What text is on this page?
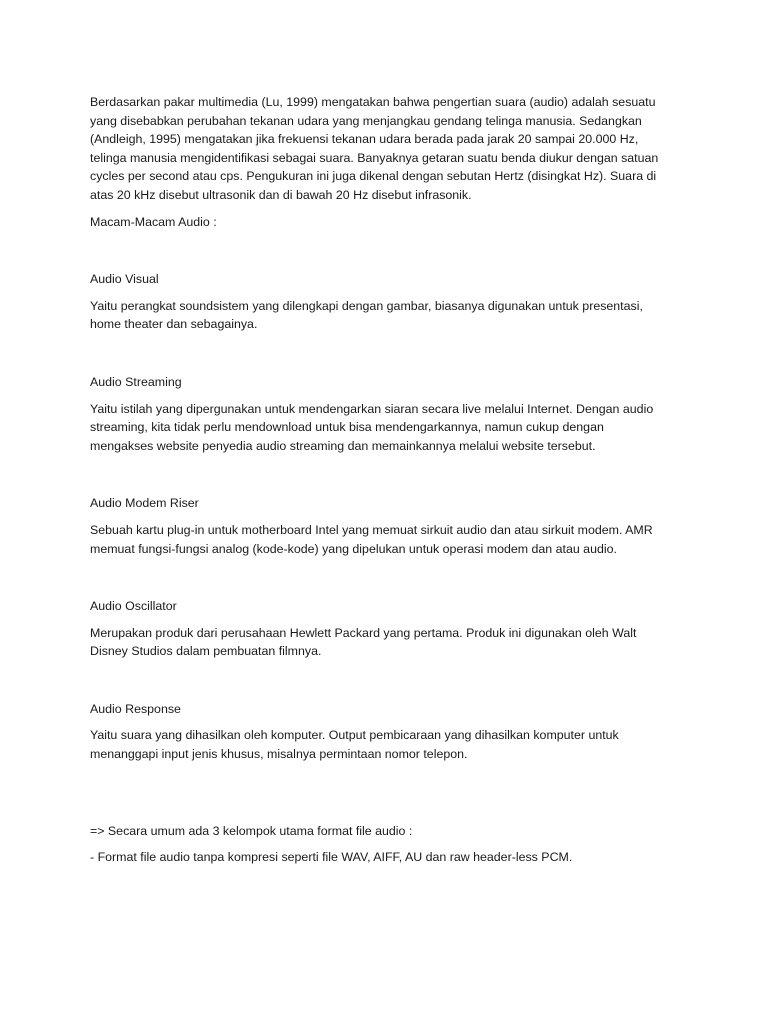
Berdasarkan pakar multimedia (Lu, 1999) mengatakan bahwa pengertian suara (audio) adalah sesuatu
yang disebabkan perubahan tekanan udara yang menjangkau gendang telinga manusia. Sedangkan
(Andleigh, 1995) mengatakan jika frekuensi tekanan udara berada pada jarak 20 sampai 20.000 Hz,
telinga manusia mengidentifikasi sebagai suara. Banyaknya getaran suatu benda diukur dengan satuan
cycles per second atau cps. Pengukuran ini juga dikenal dengan sebutan Hertz (disingkat Hz). Suara di
atas 20 kHz disebut ultrasonik dan di bawah 20 Hz disebut infrasonik.

Macam-Macam Audio :

Audio Visual

Yaitu perangkat soundsistem yang dilengkapi dengan gambar, biasanya digunakan untuk presentasi,
home theater dan sebagainya.

Audio Streaming

Yaitu istilah yang dipergunakan untuk mendengarkan siaran secara live melalui Internet. Dengan audio
streaming, kita tidak perlu mendownload untuk bisa mendengarkannya, namun cukup dengan
mengakses website penyedia audio streaming dan memainkannya melalui website tersebut.

Audio Modem Riser

Sebuah kartu plug-in untuk motherboard Intel yang memuat sirkuit audio dan atau sirkuit modem. AMR
memuat fungsi-fungsi analog (kode-kode) yang dipelukan untuk operasi modem dan atau audio.

Audio Oscillator

Merupakan produk dari perusahaan Hewlett Packard yang pertama. Produk ini digunakan oleh Walt
Disney Studios dalam pembuatan filmnya.

Audio Response

Yaitu suara yang dihasilkan oleh komputer. Output pembicaraan yang dihasilkan komputer untuk
menanggapi input jenis khusus, misalnya permintaan nomor telepon.

=> Secara umum ada 3 kelompok utama format file audio :

- Format file audio tanpa kompresi seperti file WAV, AIFF, AU dan raw header-less PCM.
